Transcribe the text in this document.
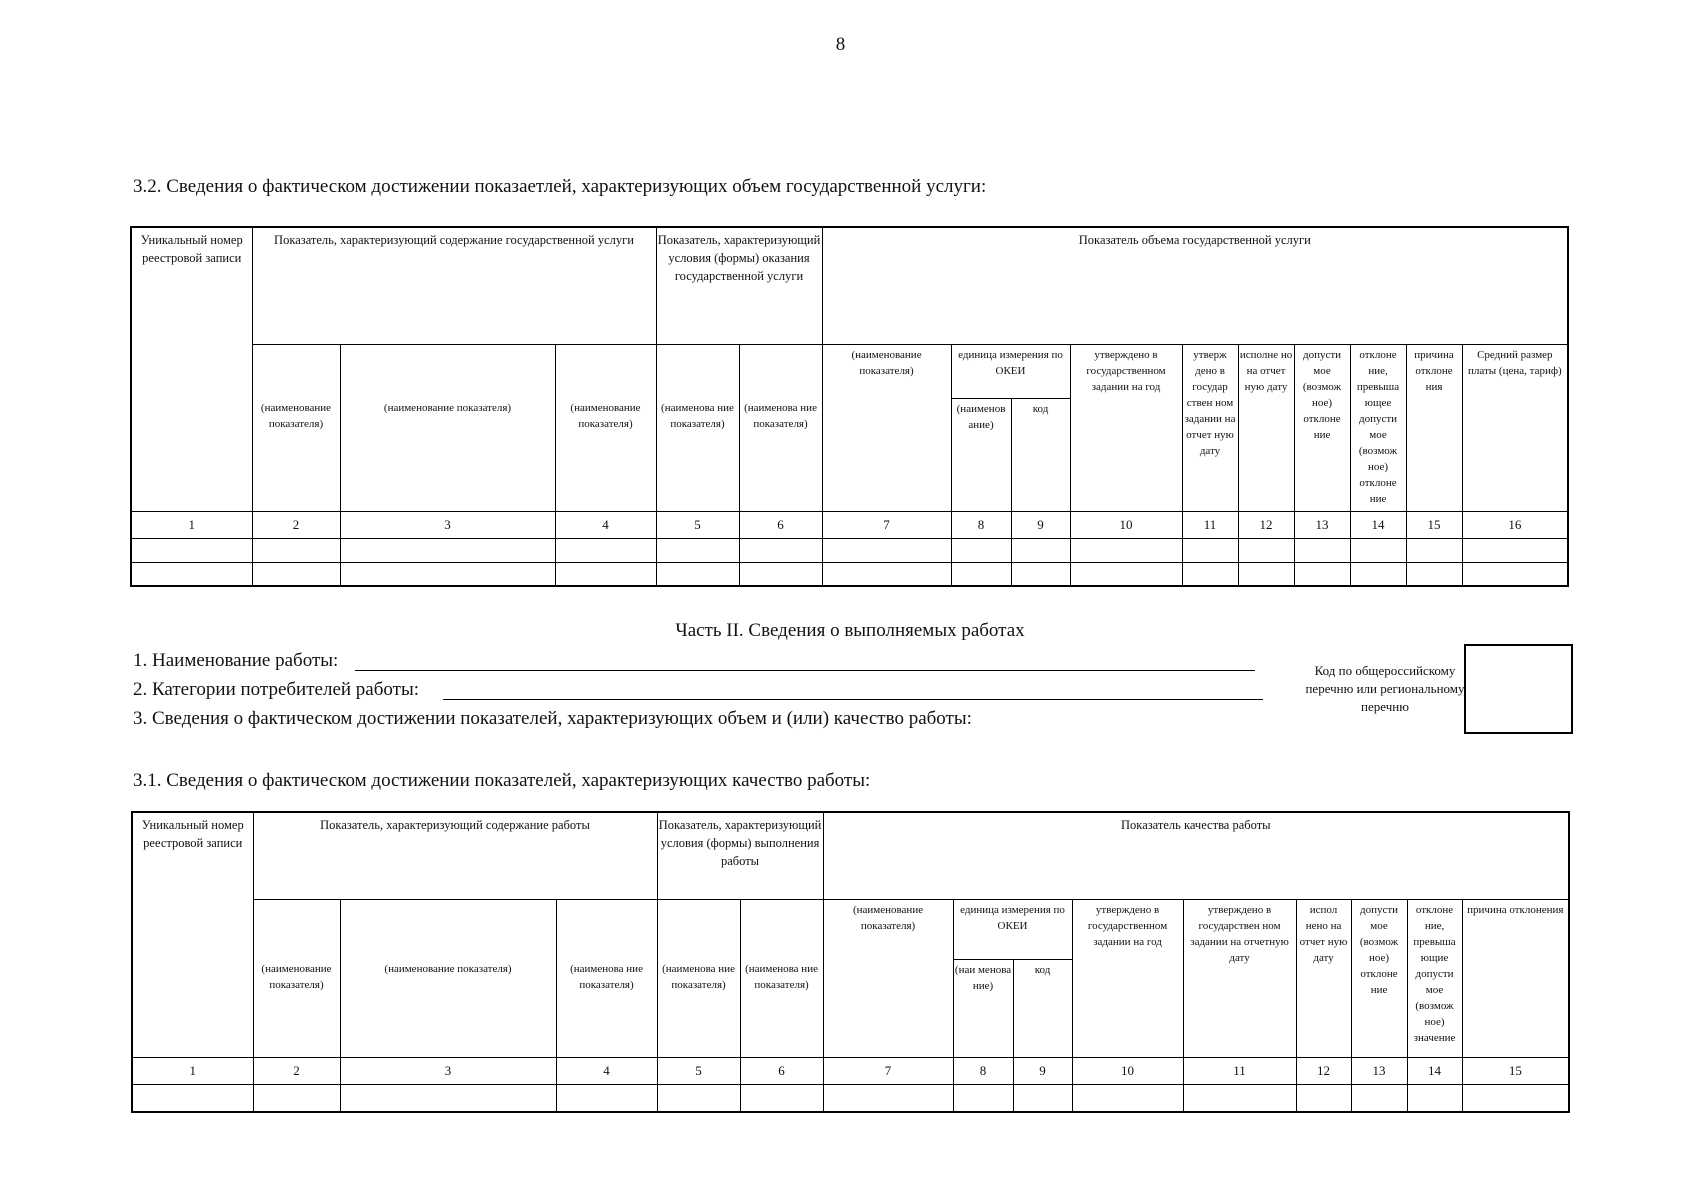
8
3.2. Сведения о фактическом достижении показаетлей, характеризующих объем государственной услуги:
Уникальный номер реестровой записи	Показатель, характеризующий содержание государственной услуги			Показатель, характеризующий условия (формы) оказания государственной услуги		Показатель объема государственной услуги									
						(наименование показателя)	единица измерения по ОКЕИ		утверждено в государственном задании на год	утверж дено в государ ствен ном задании на отчет ную дату	исполне но на отчет ную дату	допусти мое (возмож ное) отклоне ние	отклоне ние, превыша ющее допусти мое (возмож ное) отклоне ние	причина отклоне ния	Средний размер платы (цена, тариф)
	(наименование показателя)	(наименование показателя)	(наименование показателя)	(наименова ние показателя)	(наименова ние показателя)		(наименов ание)	код							
1	2	3	4	5	6	7	8	9	10	11	12	13	14	15	16

Часть II. Сведения о выполняемых работах
1. Наименование работы:
2. Категории потребителей работы:
3. Сведения о фактическом достижении показателей, характеризующих объем и (или) качество работы:
Код по общероссийскому перечню или региональному перечню
3.1. Сведения о фактическом достижении показателей, характеризующих качество работы:
Уникальный номер реестровой записи	Показатель, характеризующий содержание работы			Показатель, характеризующий условия (формы) выполнения работы		Показатель качества работы								
						(наименование показателя)	единица измерения по ОКЕИ		утверждено в государственном задании на год	утверждено в государствен ном задании на отчетную дату	испол нено на отчет ную дату	допусти мое (возмож ное) отклоне ние	отклоне ние, превыша ющие допусти мое (возмож ное) значение	причина отклонения
	(наименование показателя)	(наименование показателя)	(наименова ние показателя)	(наименова ние показателя)	(наименова ние показателя)		(наи менова ние)	код						
1	2	3	4	5	6	7	8	9	10	11	12	13	14	15
